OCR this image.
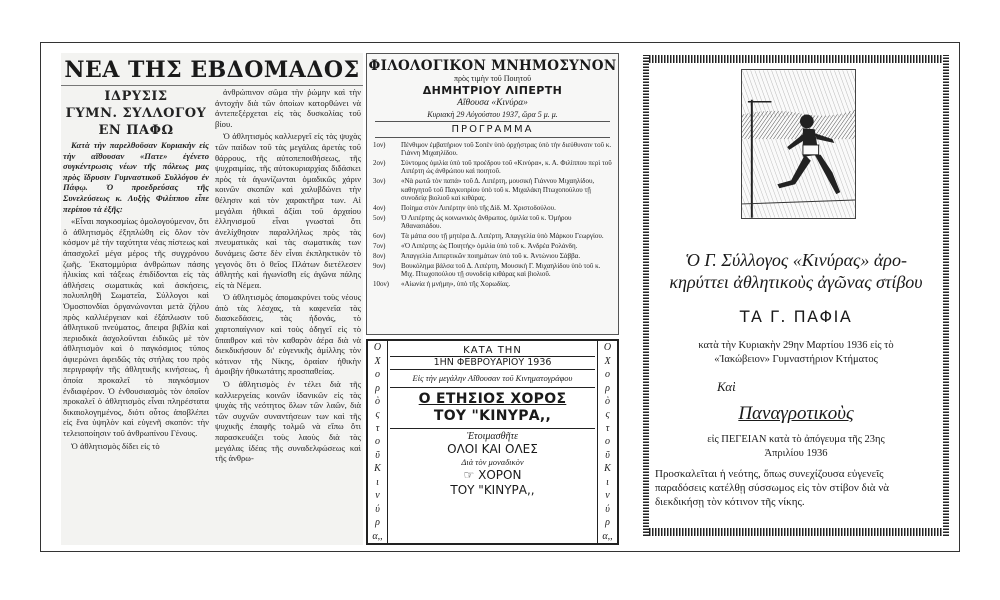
ΝΕΑ ΤΗΣ ΕΒΔΟΜΑΔΟΣ
ΙΔΡΥΣΙΣ
ΓΥΜΝ. ΣΥΛΛΟΓΟΥ
ΕΝ ΠΑΦΩ

Κατὰ τὴν παρελθοῦσαν Κυριακὴν εἰς τὴν αἴθουσαν «Πατε» ἐγένετο συγκέντρωσις νέων τῆς πόλεως μας πρὸς ἵδρυσιν Γυμναστικοῦ Συλλόγου ἐν Πάφῳ. Ὁ προεδρεύσας τῆς Συνελεύσεως κ. Λυξὴς Φιλίππου εἶπε περίπου τὰ ἑξῆς:

«Εἶναι παγκοσμίως ὁμολογούμενον, ὅτι ὁ ἀθλητισμὸς ἐξηπλώθη εἰς ὅλον τὸν κόσμον μὲ τὴν ταχύτητα νέας πίστεως καὶ ἀπασχολεῖ μέγα μέρος τῆς συγχρόνου ζωῆς. Ἑκατομμύρια ἀνθρώπων πάσης ἡλικίας καὶ τάξεως ἐπιδίδονται εἰς τὰς ἀθλήσεις σωματικὰς καὶ ἀσκήσεις, πολυπληθῆ Σωματεῖα, Σύλλογοι καὶ Ὁμοσπονδίαι ὀργανώνονται μετὰ ζήλου πρὸς καλλιέργειαν καὶ ἐξάπλωσιν τοῦ ἀθλητικοῦ πνεύματος, ἄπειρα βιβλία καὶ περιοδικὰ ἀσχολοῦνται ἐιδικῶς μὲ τὸν ἀθλητισμὸν καὶ ὁ παγκόσμιος τύπος ἀφιερώνει ἀφειδῶς τὰς στήλας του πρὸς περιγραφὴν τῆς ἀθλητικῆς κινήσεως, ἡ ὁποία προκαλεῖ τὸ παγκόσμιον ἐνδιαφέρον. Ὁ ἐνθουσιασμὸς τὸν ὁποῖον προκαλεῖ ὁ ἀθλητισμὸς εἶναι πληρέστατα δικαιολογημένος, διότι οὗτος ἀποβλέπει εἰς ἕνα ὑψηλὸν καὶ εὐγενῆ σκοπόν: τὴν τελειοποίησιν τοῦ ἀνθρωπίνου Γένους.

Ὁ ἀθλητισμὸς δίδει εἰς τὸ

ἀνθρώπινον σῶμα τὴν ῥώμην καὶ τὴν ἀντοχὴν διὰ τῶν ὁποίων κατορθώνει νὰ ἀντεπεξέρχεται εἰς τὰς δυσκολίας τοῦ βίου.

Ὁ ἀθλητισμὸς καλλιεργεῖ εἰς τὰς ψυχὰς τῶν παίδων τοῦ τὰς μεγάλας ἀρετὰς τοῦ θάρρους, τῆς αὐτοπεποιθήσεως, τῆς ψυχραιμίας, τῆς αὐτοκυριαρχίας διδάσκει πρὸς τὰ ἀγωνίζωνται ὁμαδικῶς χάριν κοινῶν σκοπῶν καὶ χαλυβδώνει τὴν θέλησιν καὶ τὸν χαρακτῆρα των. Αἱ μεγάλαι ἠθικαὶ ἀξίαι τοῦ ἀρχαίου ἑλληνισμοῦ εἶναι γνωσταὶ ὅτι ἀνελίχθησαν παραλλήλως πρὸς τὰς πνευματικὰς καὶ τὰς σωματικὰς των δυνάμεις ὥστε δὲν εἶναι ἐκπληκτικὸν τὸ γεγονὸς ὅτι ὁ θεῖος Πλάτων διετέλεσεν ἀθλητὴς καὶ ἠγωνίσθη εἰς ἀγῶνα πάλης εἰς τὰ Νέμεα.

Ὁ ἀθλητισμὸς ἀπομακρύνει τοὺς νέους ἀπὸ τὰς λέσχας, τὰ καφενεῖα τὰς διασκεδάσεις, τὰς ἡδονάς, τὸ χαρτοπαίγνιον καὶ τοὺς ὁδηγεῖ εἰς τὸ ὕπαιθρον καὶ τὸν καθαρὸν ἀέρα διὰ νὰ διεκδικήσουν δι' εὐγενικῆς ἁμίλλης τὸν κότινον τῆς Νίκης, ὁραίαν ἠθικὴν ἀμοιβὴν ἠθικωτάτης προσπαθείας.

Ὁ ἀθλητισμὸς ἐν τέλει διὰ τῆς καλλιεργείας κοινῶν ἰδανικῶν εἰς τὰς ψυχὰς τῆς νεότητος ὅλων τῶν λαῶν, διὰ τῶν συχνῶν συναντήσεων των καὶ τῆς ψυχικῆς ἐπαφῆς τολμῶ νὰ εἴπω ὅτι παρασκευάζει τοὺς λαοὺς διὰ τὰς μεγάλας ἰδέας τῆς συναδελφώσεως καὶ τῆς ἀνθρω-

ΦΙΛΟΛΟΓΙΚΟΝ ΜΝΗΜΟΣΥΝΟΝ
πρὸς τιμὴν τοῦ Ποιητοῦ
ΔΗΜΗΤΡΙΟΥ ΛΙΠΕΡΤΗ
Αἴθουσα «Κινύρα»
Κυριακὴ 29 Αὐγούστου 1937, ὥρα 5 μ. μ.
ΠΡΟΓΡΑΜΜΑ
1ον)	Πένθιμον ἐμβατήριον τοῦ Σοπὲν ὑπὸ ὀρχήστρας ὑπὸ τὴν διεύθυνσιν τοῦ κ. Γιάννη Μιχαηλίδου.
2ον)	Σύντομος ὁμιλία ὑπὸ τοῦ προέδρου τοῦ «Κινύρα», κ. Α. Φιλίππου περὶ τοῦ Λιπέρτη ὡς ἀνθρώπου καὶ ποιητοῦ.
3ον)	«Νὰ ρωτῶ τὸν παπά» τοῦ Δ. Λιπέρτη, μουσικὴ Γιάννου Μιχαηλίδου, καθηγητοῦ τοῦ Παγκυπρίου ὑπὸ τοῦ κ. Μιχαλάκη Πτωχοπούλου τῇ συνοδείᾳ βιολιοῦ καὶ κιθάρας.
4ον)	Ποίημα στὸν Λιπέρτην ὑπὸ τῆς Δίδ. Μ. Χριστοδούλου.
5ον)	Ὁ Λιπέρτης ὡς κοινωνικὸς ἄνθρωπος, ὁμιλία τοῦ κ. Ὁμήρου Ἀθανασιάδου.
6ον)	Τὰ μάτια σου τῇ μητέρα Δ. Λιπέρτη, Ἀπαγγελία ὑπὸ Μάρκου Γεωργίου.
7ον)	«Ὁ Λιπέρτης ὡς Ποιητής» ὁμιλία ὑπὸ τοῦ κ. Ἀνδρέα Ρολάνδη.
8ον)	Ἀπαγγελία Λιπερτικῶν ποιημάτων ὑπὸ τοῦ κ. Ἀντώνιου Σάββα.
9ον)	Βουκόλημα βάλσα τοῦ Δ. Λιπέρτη, Μουσικὴ Γ. Μιχαηλίδου ὑπὸ τοῦ κ. Μιχ. Πτωχοπούλου τῇ συνοδείᾳ κιθάρας καὶ βιολιοῦ.
10ον)	«Αἰωνία ἡ μνήμη», ὑπὸ τῆς Χορωδίας.
Ο
Χ
ο
ρ
ὸ
ς
τ
ο
ῦ
Κ
ι
ν
ύ
ρ
α,,
ΚΑΤΑ ΤΗΝ
1ΗΝ ΦΕΒΡΟΥΑΡΙΟΥ 1936
Εἰς τὴν μεγάλην Αἴθουσαν τοῦ Κινηματογράφου
Ο ΕΤΗΣΙΟΣ ΧΟΡΟΣ
ΤΟΥ "ΚΙΝΥΡΑ,,
Ἑτοιμασθῆτε
ΟΛΟΙ ΚΑΙ ΟΛΕΣ
Διὰ τὸν μοναδικὸν
☞ ΧΟΡΟΝ
ΤΟΥ "ΚΙΝΥΡΑ,,
Ο
Χ
ο
ρ
ὸ
ς
τ
ο
ῦ
Κ
ι
ν
ύ
ρ
α,,
Ὁ Γ. Σύλλογος «Κινύρας» ἀρο-
κηρύττει ἀθλητικοὺς ἀγῶνας στίβου
ΤΑ Γ. ΠΑΦΙΑ
κατὰ τὴν Κυριακὴν 29ην Μαρτίου 1936 εἰς τὸ
«Ἰακώβειον» Γυμναστήριον Κτήματος
Καὶ
Παναγροτικοὺς
εἰς ΠΕΓΕΙΑΝ κατὰ τὸ ἀπόγευμα τῆς 23ης
Ἀπριλίου 1936
Προσκαλεῖται ἡ νεότης, ὅπως συνεχίζουσα εὐγενεῖς παραδόσεις κατέλθῃ σύσσωμος εἰς τὸν στίβον διὰ νὰ διεκδικήσῃ τὸν κότινον τῆς νίκης.
